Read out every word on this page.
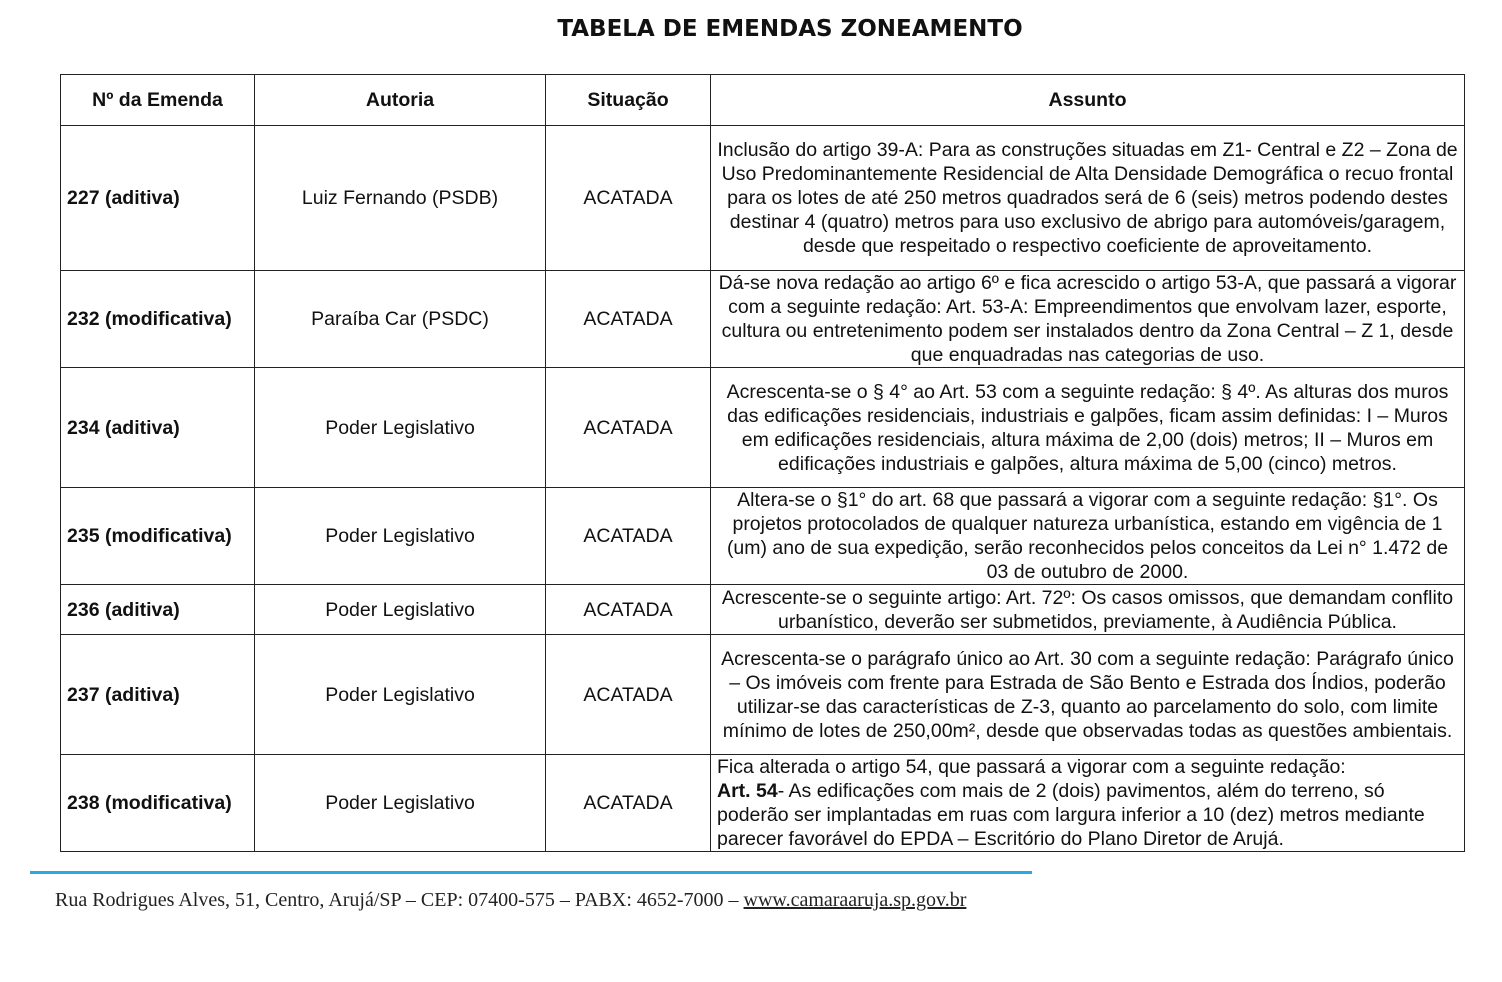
TABELA DE EMENDAS ZONEAMENTO
Nº da Emenda	Autoria	Situação	Assunto
227 (aditiva)	Luiz Fernando (PSDB)	ACATADA	Inclusão do artigo 39-A: Para as construções situadas em Z1- Central e Z2 – Zona de Uso Predominantemente Residencial de Alta Densidade Demográfica o recuo frontal para os lotes de até 250 metros quadrados será de 6 (seis) metros podendo destes destinar 4 (quatro) metros para uso exclusivo de abrigo para automóveis/garagem, desde que respeitado o respectivo coeficiente de aproveitamento.
232 (modificativa)	Paraíba Car (PSDC)	ACATADA	Dá-se nova redação ao artigo 6º e fica acrescido o artigo 53-A, que passará a vigorar com a seguinte redação: Art. 53-A: Empreendimentos que envolvam lazer, esporte, cultura ou entretenimento podem ser instalados dentro da Zona Central – Z 1, desde que enquadradas nas categorias de uso.
234 (aditiva)	Poder Legislativo	ACATADA	Acrescenta-se o § 4° ao Art. 53 com a seguinte redação: § 4º. As alturas dos muros das edificações residenciais, industriais e galpões, ficam assim definidas: I – Muros em edificações residenciais, altura máxima de 2,00 (dois) metros; II – Muros em edificações industriais e galpões, altura máxima de 5,00 (cinco) metros.
235 (modificativa)	Poder Legislativo	ACATADA	Altera-se o §1° do art. 68 que passará a vigorar com a seguinte redação: §1°. Os projetos protocolados de qualquer natureza urbanística, estando em vigência de 1 (um) ano de sua expedição, serão reconhecidos pelos conceitos da Lei n° 1.472 de 03 de outubro de 2000.
236 (aditiva)	Poder Legislativo	ACATADA	Acrescente-se o seguinte artigo: Art. 72º: Os casos omissos, que demandam conflito urbanístico, deverão ser submetidos, previamente, à Audiência Pública.
237 (aditiva)	Poder Legislativo	ACATADA	Acrescenta-se o parágrafo único ao Art. 30 com a seguinte redação: Parágrafo único – Os imóveis com frente para Estrada de São Bento e Estrada dos Índios, poderão utilizar-se das características de Z-3, quanto ao parcelamento do solo, com limite mínimo de lotes de 250,00m², desde que observadas todas as questões ambientais.
238 (modificativa)	Poder Legislativo	ACATADA	Fica alterada o artigo 54, que passará a vigorar com a seguinte redação:
Art. 54- As edificações com mais de 2 (dois) pavimentos, além do terreno, só poderão ser implantadas em ruas com largura inferior a 10 (dez) metros mediante parecer favorável do EPDA – Escritório do Plano Diretor de Arujá.
Rua Rodrigues Alves, 51, Centro, Arujá/SP – CEP: 07400-575 – PABX: 4652-7000 – www.camaraaruja.sp.gov.br
